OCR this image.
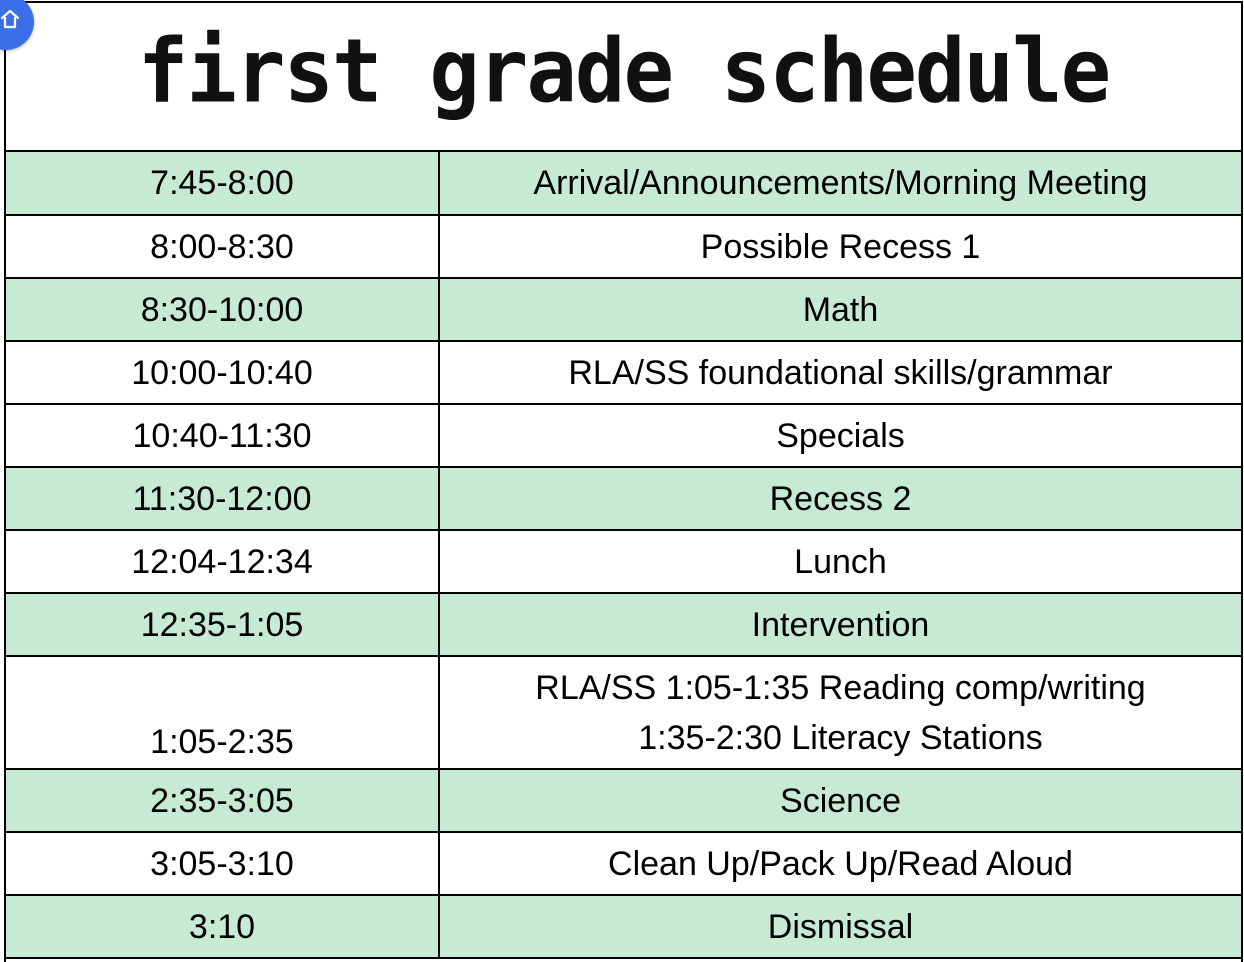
first grade schedule
7:45-8:00	Arrival/Announcements/Morning Meeting

8:00-8:30	Possible Recess 1

8:30-10:00	Math

10:00-10:40	RLA/SS foundational skills/grammar

10:40-11:30	Specials

11:30-12:00	Recess 2

12:04-12:34	Lunch

12:35-1:05	Intervention

1:05-2:35	RLA/SS 1:05-1:35 Reading comp/writing
1:35-2:30 Literacy Stations

2:35-3:05	Science

3:05-3:10	Clean Up/Pack Up/Read Aloud

3:10	Dismissal
